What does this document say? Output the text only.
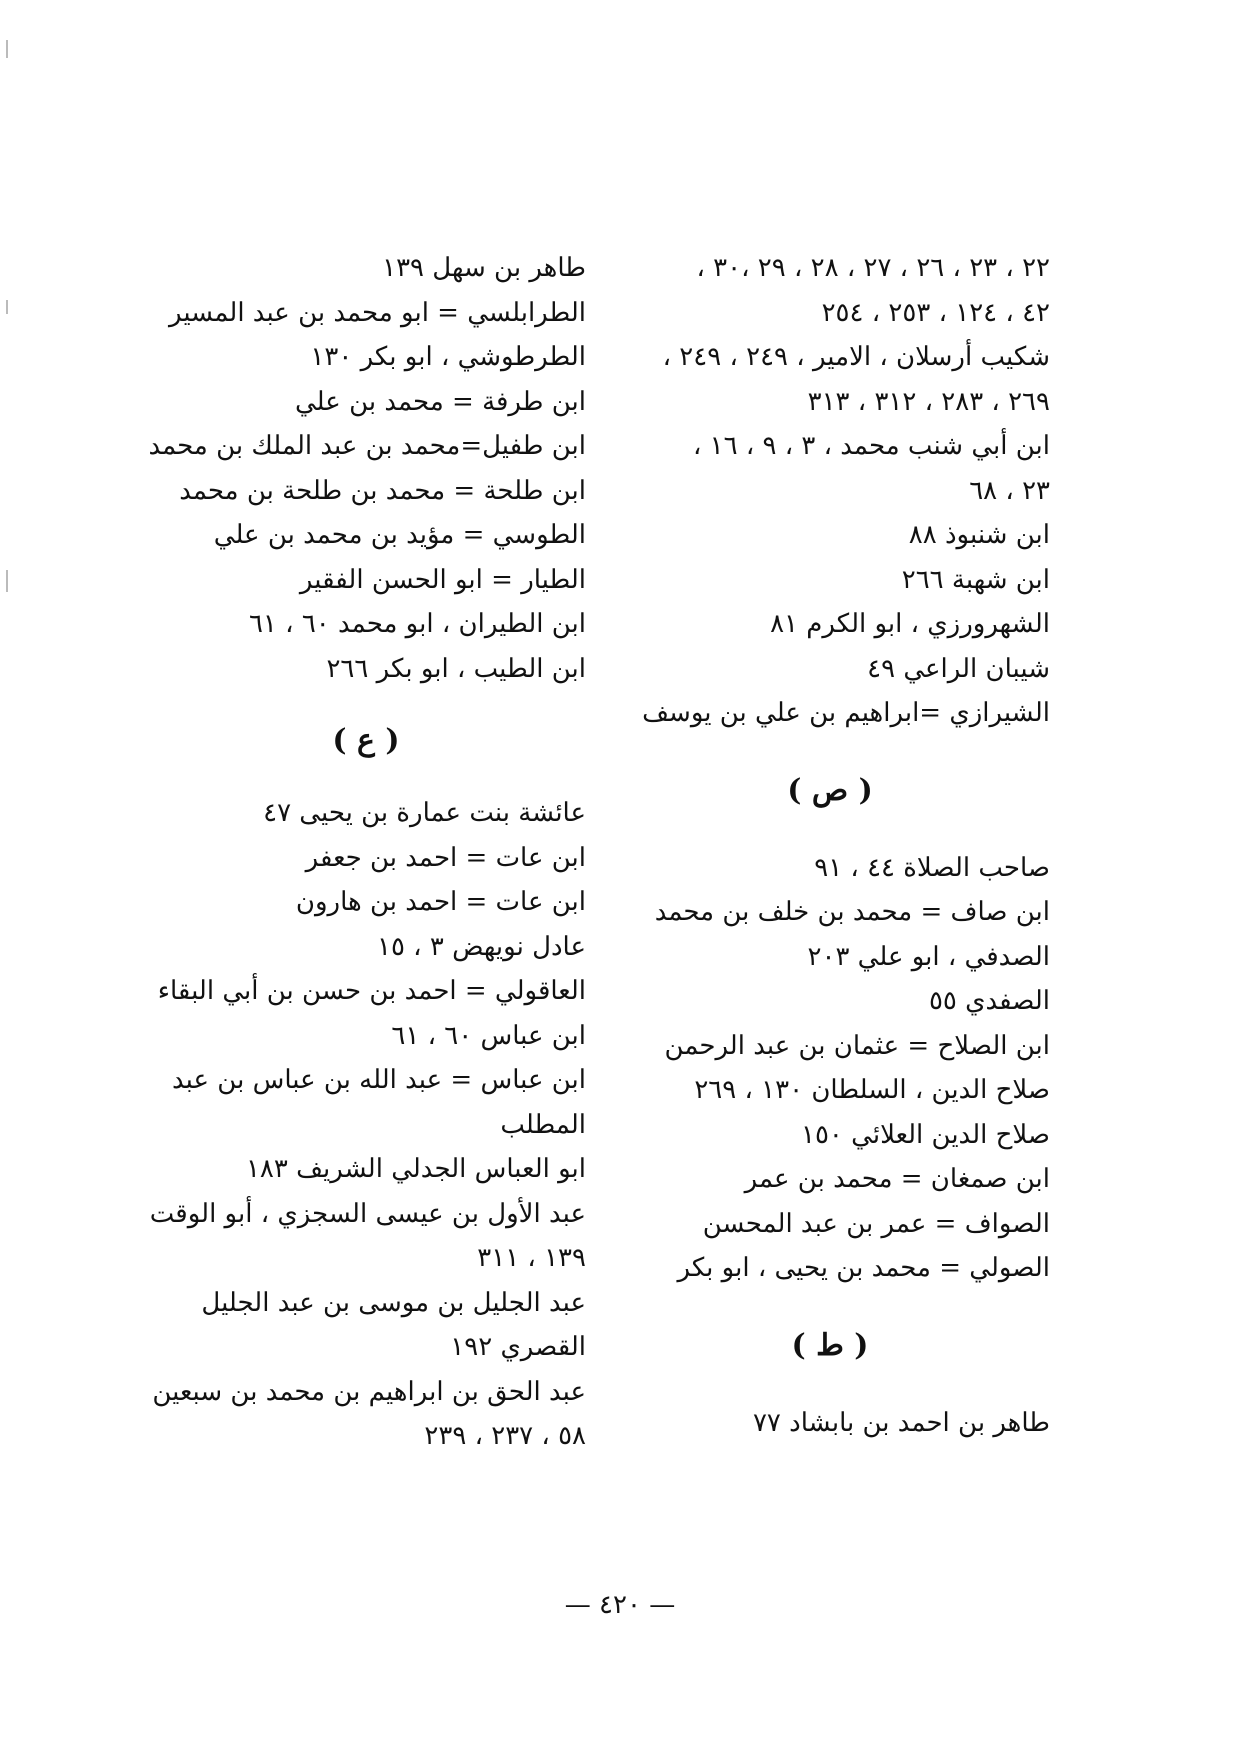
٢٢ ، ٢٣ ، ٢٦ ، ٢٧ ، ٢٨ ، ٢٩ ،٣٠ ،
٤٢ ، ١٢٤ ، ٢٥٣ ، ٢٥٤
شكيب أرسلان ، الامير ، ٢٤٩ ، ٢٤٩ ،
٢٦٩ ، ٢٨٣ ، ٣١٢ ، ٣١٣
ابن أبي شنب محمد ، ٣ ، ٩ ، ١٦ ،
٢٣ ، ٦٨
ابن شنبوذ ٨٨
ابن شهبة ٢٦٦
الشهرورزي ، ابو الكرم ٨١
شيبان الراعي ٤٩
الشيرازي =ابراهيم بن علي بن يوسف
( ص )
صاحب الصلاة ٤٤ ، ٩١
ابن صاف = محمد بن خلف بن محمد
الصدفي ، ابو علي ٢٠٣
الصفدي ٥٥
ابن الصلاح = عثمان بن عبد الرحمن
صلاح الدين ، السلطان ١٣٠ ، ٢٦٩
صلاح الدين العلائي ١٥٠
ابن صمغان = محمد بن عمر
الصواف = عمر بن عبد المحسن
الصولي = محمد بن يحيى ، ابو بكر
( ط )
طاهر بن احمد بن بابشاد ٧٧
طاهر بن سهل ١٣٩
الطرابلسي = ابو محمد بن عبد المسير
الطرطوشي ، ابو بكر ١٣٠
ابن طرفة = محمد بن علي
ابن طفيل=محمد بن عبد الملك بن محمد
ابن طلحة = محمد بن طلحة بن محمد
الطوسي = مؤيد بن محمد بن علي
الطيار = ابو الحسن الفقير
ابن الطيران ، ابو محمد ٦٠ ، ٦١
ابن الطيب ، ابو بكر ٢٦٦
( ع )
عائشة بنت عمارة بن يحيى ٤٧
ابن عات = احمد بن جعفر
ابن عات = احمد بن هارون
عادل نويهض ٣ ، ١٥
العاقولي = احمد بن حسن بن أبي البقاء
ابن عباس ٦٠ ، ٦١
ابن عباس = عبد الله بن عباس بن عبد المطلب
ابو العباس الجدلي الشريف ١٨٣
عبد الأول بن عيسى السجزي ، أبو الوقت ١٣٩ ، ٣١١
عبد الجليل بن موسى بن عبد الجليل القصري ١٩٢
عبد الحق بن ابراهيم بن محمد بن سبعين ٥٨ ، ٢٣٧ ، ٢٣٩
— ٤٢٠ —
